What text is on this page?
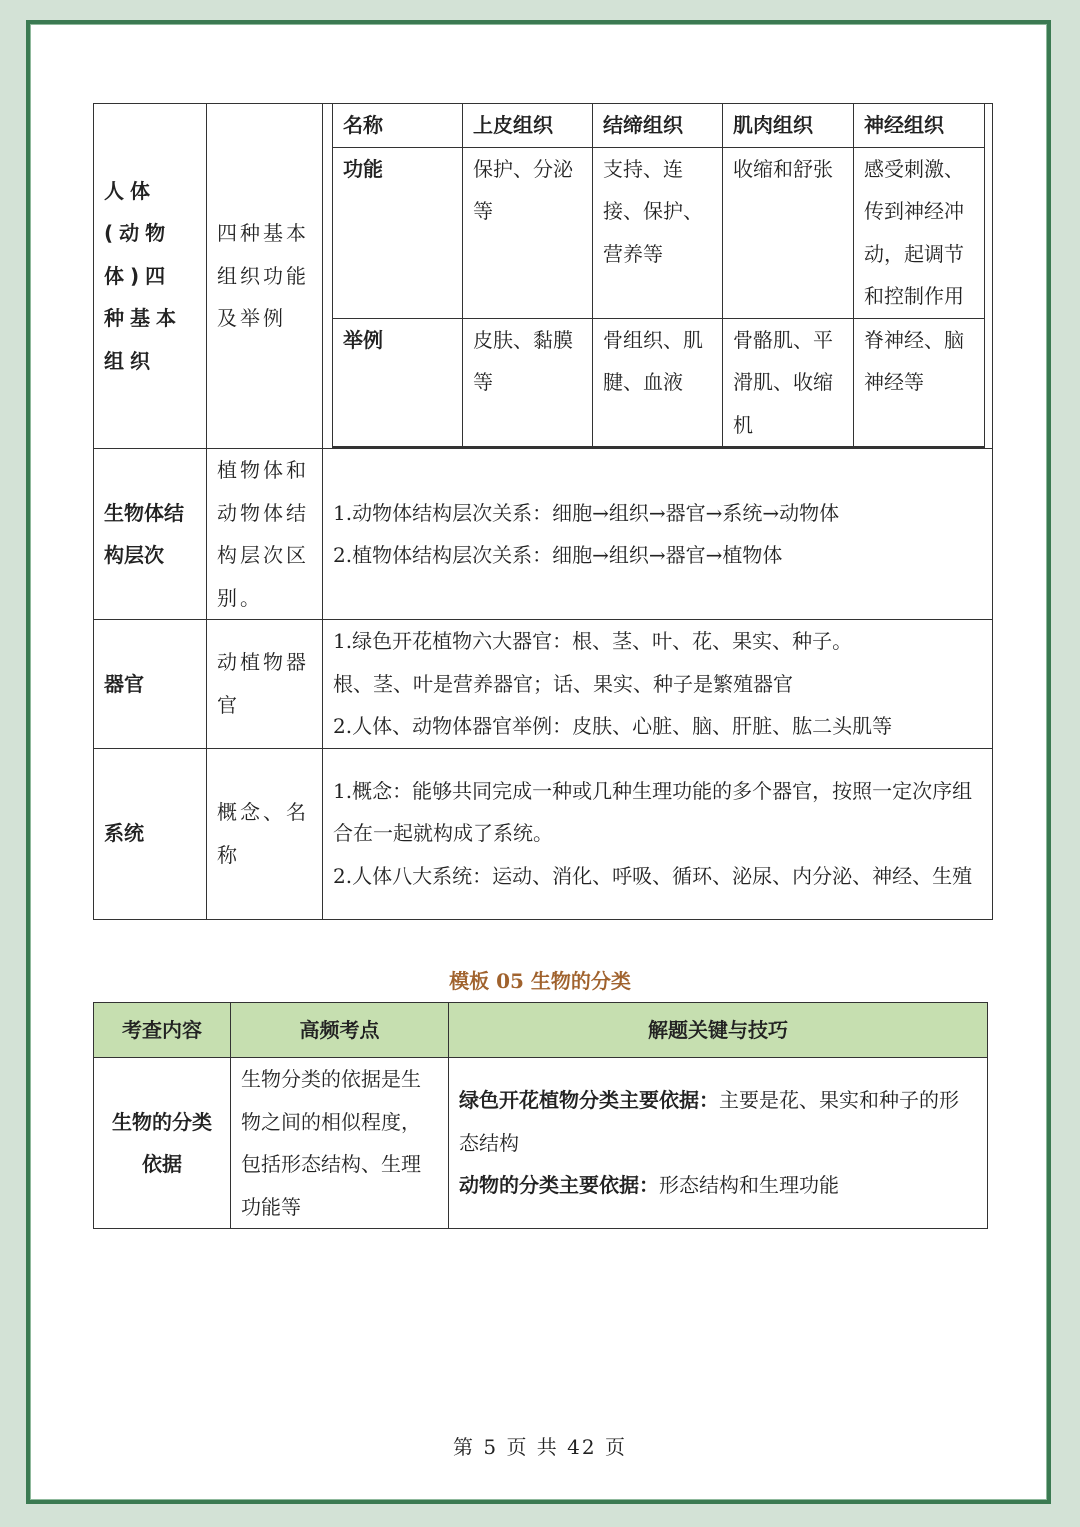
人体(动物体)四种基本组织	四种基本组织功能及举例	
名称	上皮组织	结缔组织	肌肉组织	神经组织
功能	保护、分泌等	支持、连接、保护、营养等	收缩和舒张	感受刺激、传到神经冲动，起调节和控制作用
举例	皮肤、黏膜等	骨组织、肌腱、血液	骨骼肌、平滑肌、收缩机	脊神经、脑神经等

生物体结构层次	植物体和动物体结构层次区别。	
1.动物体结构层次关系：细胞→组织→器官→系统→动物体
2.植物体结构层次关系：细胞→组织→器官→植物体

器官	动植物器官	
1.绿色开花植物六大器官：根、茎、叶、花、果实、种子。
根、茎、叶是营养器官；话、果实、种子是繁殖器官
2.人体、动物体器官举例：皮肤、心脏、脑、肝脏、肱二头肌等

系统	概念、名称	
1.概念：能够共同完成一种或几种生理功能的多个器官，按照一定次序组合在一起就构成了系统。
2.人体八大系统：运动、消化、呼吸、循环、泌尿、内分泌、神经、生殖
模板 05 生物的分类
考查内容	高频考点	解题关键与技巧
生物的分类依据	生物分类的依据是生物之间的相似程度，包括形态结构、生理功能等	绿色开花植物分类主要依据：主要是花、果实和种子的形态结构
动物的分类主要依据：形态结构和生理功能
第 5 页 共 42 页
